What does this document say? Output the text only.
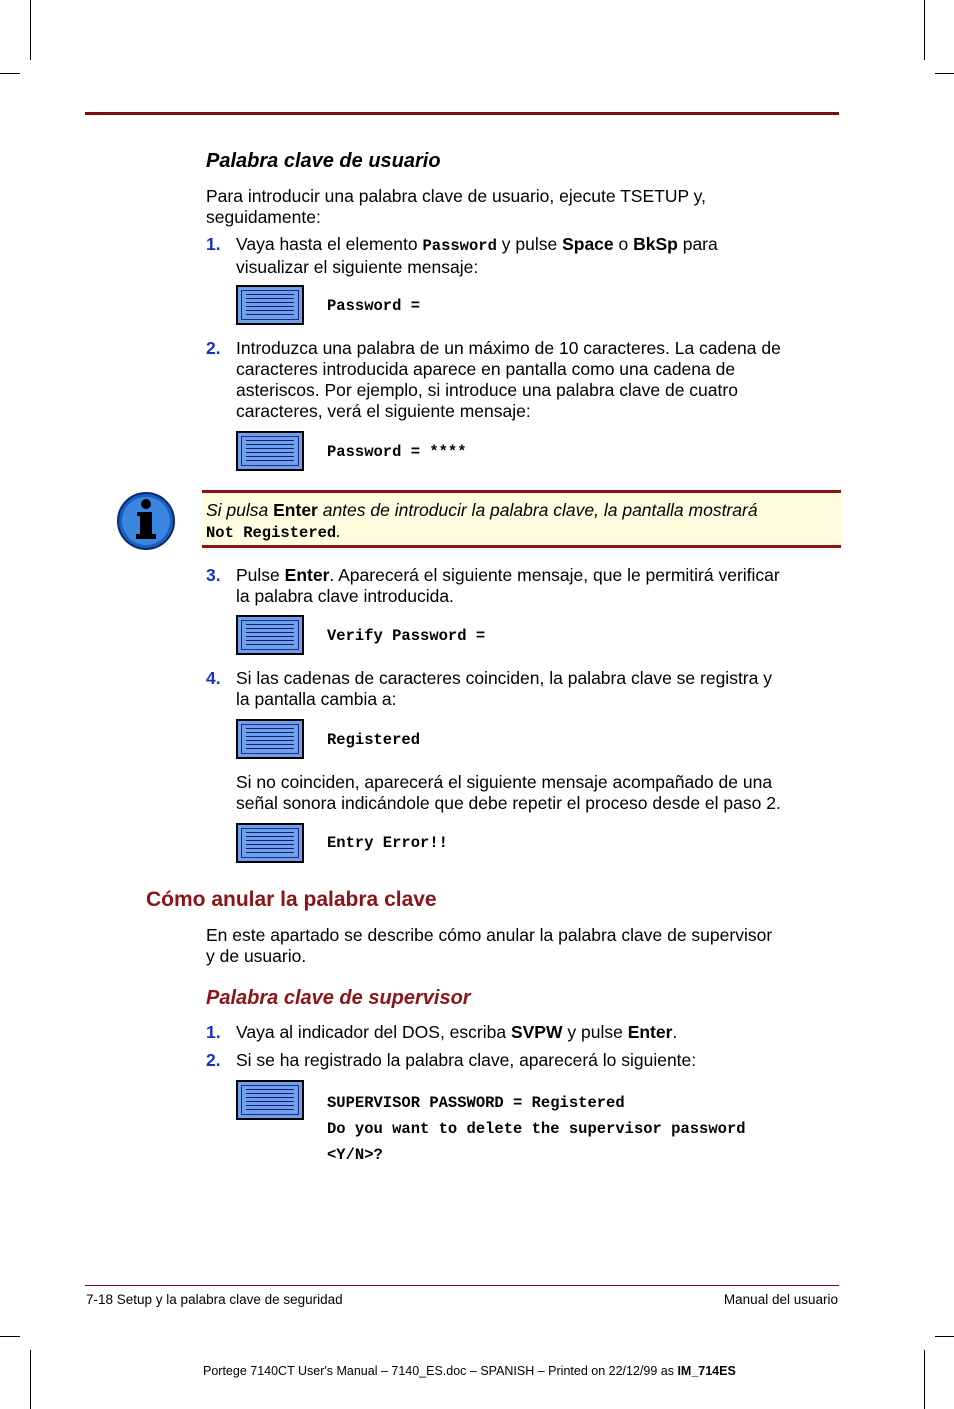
Palabra clave de usuario
Para introducir una palabra clave de usuario, ejecute TSETUP y,
seguidamente:
1. Vaya hasta el elemento Password y pulse Space o BkSp para
visualizar el siguiente mensaje:
Password =
2. Introduzca una palabra de un máximo de 10 caracteres. La cadena de
caracteres introducida aparece en pantalla como una cadena de
asteriscos. Por ejemplo, si introduce una palabra clave de cuatro
caracteres, verá el siguiente mensaje:
Password = ****
Si pulsa Enter antes de introducir la palabra clave, la pantalla mostrará
Not Registered.
3. Pulse Enter. Aparecerá el siguiente mensaje, que le permitirá verificar
la palabra clave introducida.
Verify Password =
4. Si las cadenas de caracteres coinciden, la palabra clave se registra y
la pantalla cambia a:
Registered
Si no coinciden, aparecerá el siguiente mensaje acompañado de una
señal sonora indicándole que debe repetir el proceso desde el paso 2.
Entry Error!!
Cómo anular la palabra clave
En este apartado se describe cómo anular la palabra clave de supervisor
y de usuario.
Palabra clave de supervisor
1. Vaya al indicador del DOS, escriba SVPW y pulse Enter.
2. Si se ha registrado la palabra clave, aparecerá lo siguiente:
SUPERVISOR PASSWORD = Registered
Do you want to delete the supervisor password
<Y/N>?
7-18 Setup y la palabra clave de seguridad	Manual del usuario
Portege 7140CT User's Manual – 7140_ES.doc – SPANISH – Printed on 22/12/99 as IM_714ES
